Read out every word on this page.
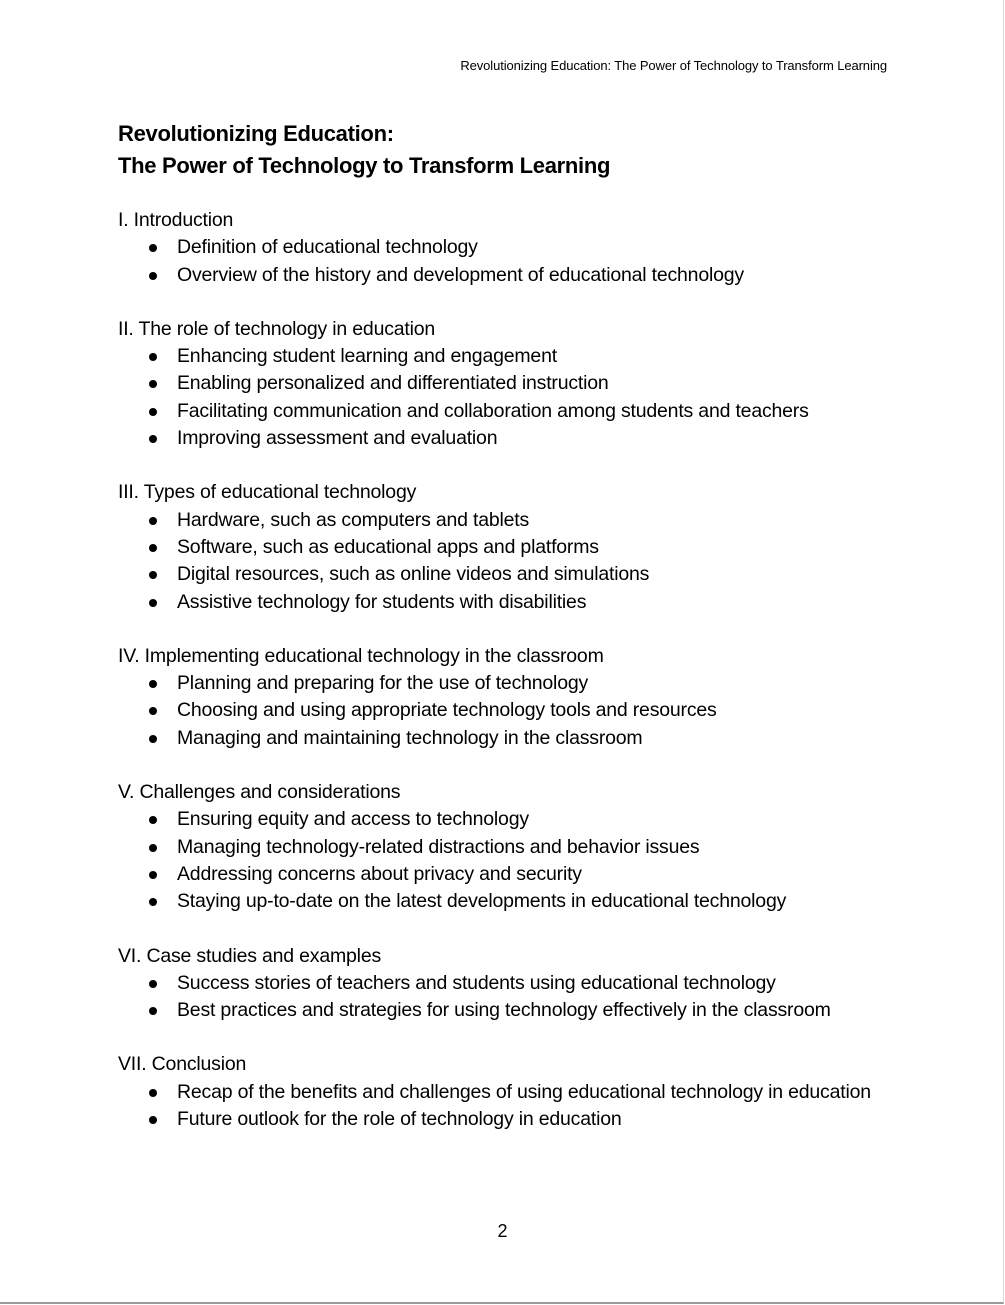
Revolutionizing Education: The Power of Technology to Transform Learning
Revolutionizing Education:
The Power of Technology to Transform Learning
I. Introduction
Definition of educational technology
Overview of the history and development of educational technology
II. The role of technology in education
Enhancing student learning and engagement
Enabling personalized and differentiated instruction
Facilitating communication and collaboration among students and teachers
Improving assessment and evaluation
III. Types of educational technology
Hardware, such as computers and tablets
Software, such as educational apps and platforms
Digital resources, such as online videos and simulations
Assistive technology for students with disabilities
IV. Implementing educational technology in the classroom
Planning and preparing for the use of technology
Choosing and using appropriate technology tools and resources
Managing and maintaining technology in the classroom
V. Challenges and considerations
Ensuring equity and access to technology
Managing technology-related distractions and behavior issues
Addressing concerns about privacy and security
Staying up-to-date on the latest developments in educational technology
VI. Case studies and examples
Success stories of teachers and students using educational technology
Best practices and strategies for using technology effectively in the classroom
VII. Conclusion
Recap of the benefits and challenges of using educational technology in education
Future outlook for the role of technology in education
2
